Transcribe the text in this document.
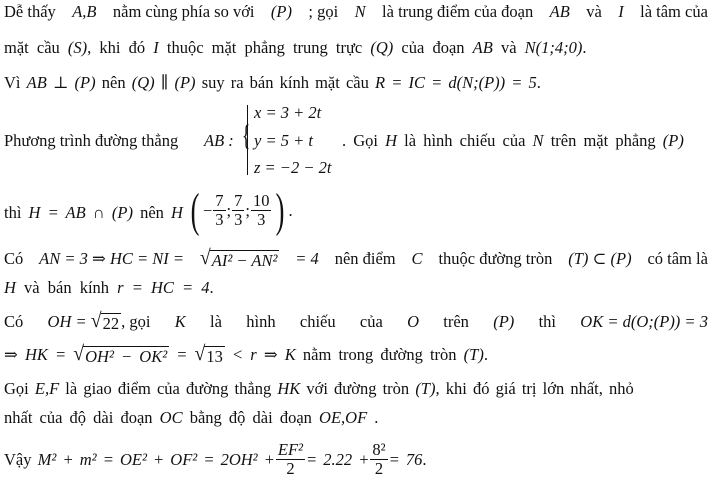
Dễ thấy A,B nằm cùng phía so với (P) ; gọi N là trung điểm của đoạn AB và I là tâm của
mặt cầu (S), khi đó I thuộc mặt phẳng trung trực (Q) của đoạn AB và N(1;4;0).
Vì AB ⊥ (P) nên (Q) ∥ (P) suy ra bán kính mặt cầu R = IC = d(N;(P)) = 5.
Phương trình đường thẳng AB : {
x = 3 + 2t
y = 5 + t
z = −2 − 2t
. Gọi H là hình chiếu của N trên mặt phẳng (P)
thì H = AB ∩ (P) nên H ( − $\frac{7}{3}$ ; $\frac{7}{3}$ ; $\frac{10}{3}$ ) .
Có AN = 3 ⇒ HC = NI = √ AI² − AN² = 4 nên điểm C thuộc đường tròn (T) ⊂ (P) có tâm là
H và bán kính r = HC = 4.
Có OH = √ 22 , gọi K là hình chiếu của O trên (P) thì OK = d(O;(P)) = 3
⇒ HK = √ OH² − OK² = √ 13 < r ⇒ K nằm trong đường tròn (T).
Gọi E,F là giao điểm của đường thẳng HK với đường tròn (T), khi đó giá trị lớn nhất, nhỏ
nhất của độ dài đoạn OC bằng độ dài đoạn OE,OF .
Vậy
$M^2 + m^2 = OE^2 + OF^2 = 2OH^2 + \frac{\text{EF²}}{2} = 2.22 + \frac{\text{8²}}{2} = 76$ .
